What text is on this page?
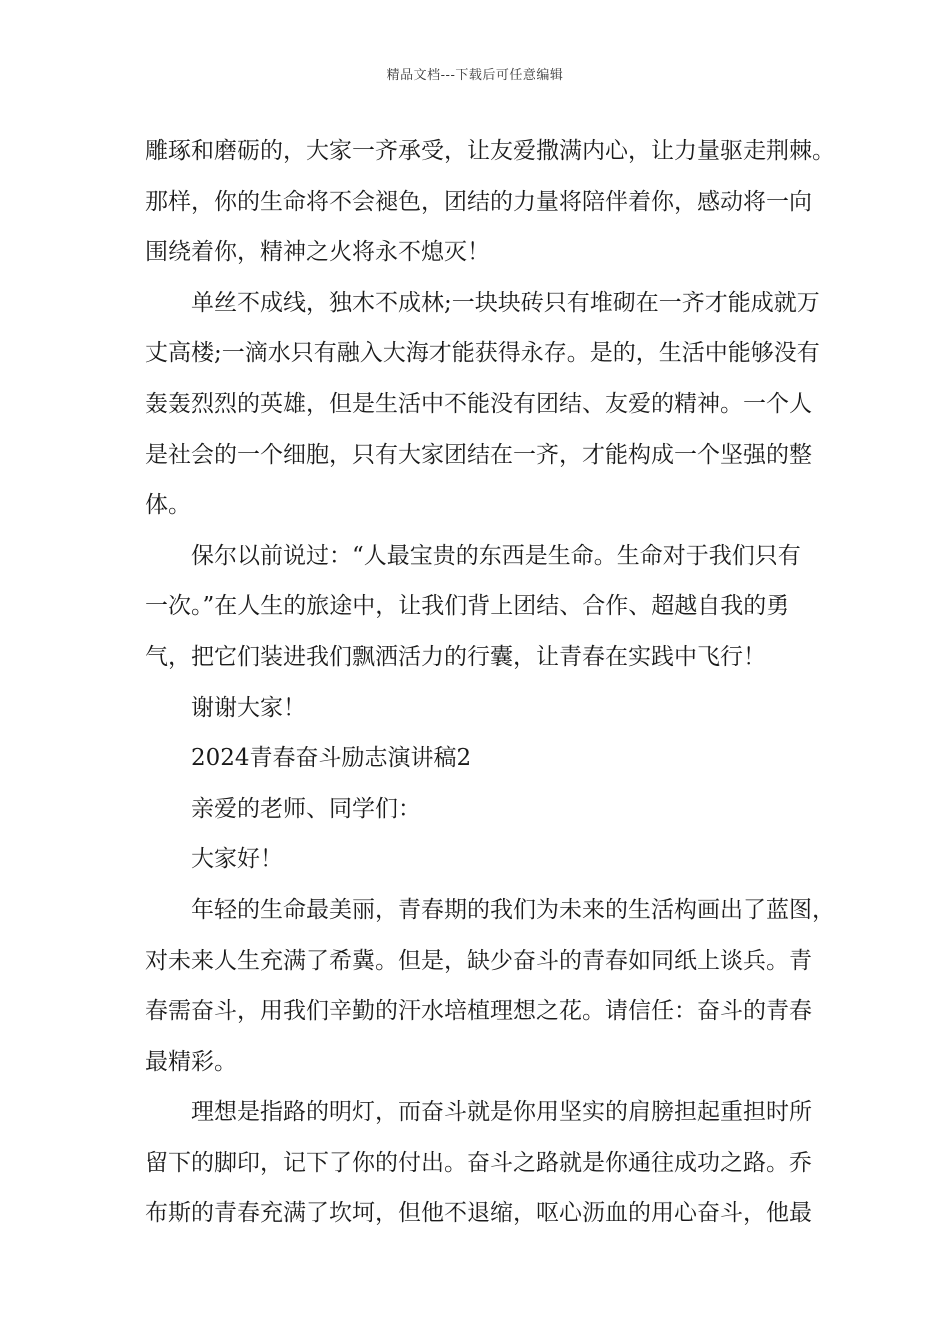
精品文档---下载后可任意编辑

雕琢和磨砺的，大家一齐承受，让友爱撒满内心，让力量驱走荆棘。

那样，你的生命将不会褪色，团结的力量将陪伴着你，感动将一向

围绕着你，精神之火将永不熄灭！

单丝不成线，独木不成林;一块块砖只有堆砌在一齐才能成就万

丈高楼;一滴水只有融入大海才能获得永存。是的，生活中能够没有

轰轰烈烈的英雄，但是生活中不能没有团结、友爱的精神。一个人

是社会的一个细胞，只有大家团结在一齐，才能构成一个坚强的整

体。

保尔以前说过：“人最宝贵的东西是生命。生命对于我们只有

一次。”在人生的旅途中，让我们背上团结、合作、超越自我的勇

气，把它们装进我们飘洒活力的行囊，让青春在实践中飞行！

谢谢大家！

2024青春奋斗励志演讲稿2

亲爱的老师、同学们：

大家好！

年轻的生命最美丽，青春期的我们为未来的生活构画出了蓝图，

对未来人生充满了希冀。但是，缺少奋斗的青春如同纸上谈兵。青

春需奋斗，用我们辛勤的汗水培植理想之花。请信任：奋斗的青春

最精彩。

理想是指路的明灯，而奋斗就是你用坚实的肩膀担起重担时所

留下的脚印，记下了你的付出。奋斗之路就是你通往成功之路。乔

布斯的青春充满了坎坷，但他不退缩，呕心沥血的用心奋斗，他最
